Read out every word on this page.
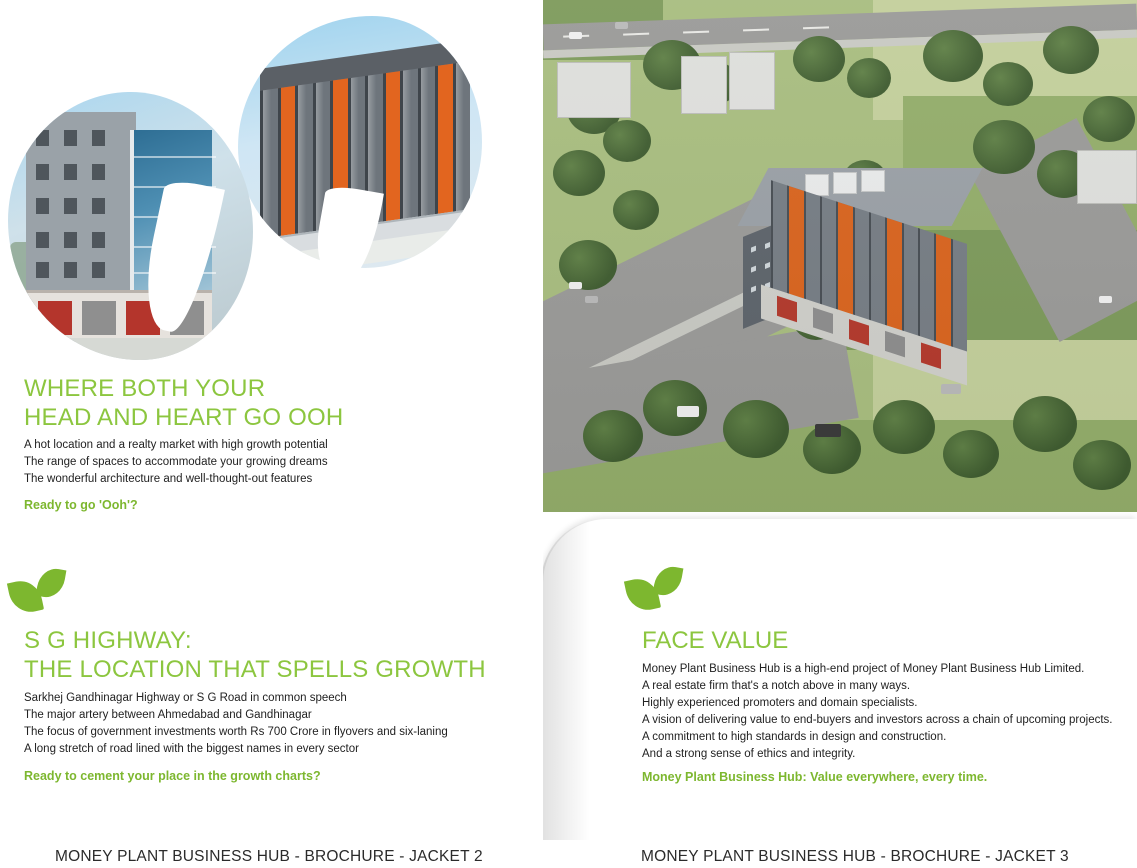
WHERE BOTH YOUR
HEAD AND HEART GO OOH
A hot location and a realty market with high growth potential
The range of spaces to accommodate your growing dreams
The wonderful architecture and well-thought-out features
Ready to go 'Ooh'?
S G HIGHWAY:
THE LOCATION THAT SPELLS GROWTH
Sarkhej Gandhinagar Highway or S G Road in common speech
The major artery between Ahmedabad and Gandhinagar
The focus of government investments worth Rs 700 Crore in flyovers and six-laning
A long stretch of road lined with the biggest names in every sector
Ready to cement your place in the growth charts?
FACE VALUE
Money Plant Business Hub is a high-end project of Money Plant Business Hub Limited.
A real estate firm that's a notch above in many ways.
Highly experienced promoters and domain specialists.
A vision of delivering value to end-buyers and investors across a chain of upcoming projects.
A commitment to high standards in design and construction.
And a strong sense of ethics and integrity.
Money Plant Business Hub: Value everywhere, every time.
MONEY PLANT BUSINESS HUB - BROCHURE - JACKET 2	MONEY PLANT BUSINESS HUB - BROCHURE - JACKET 3
